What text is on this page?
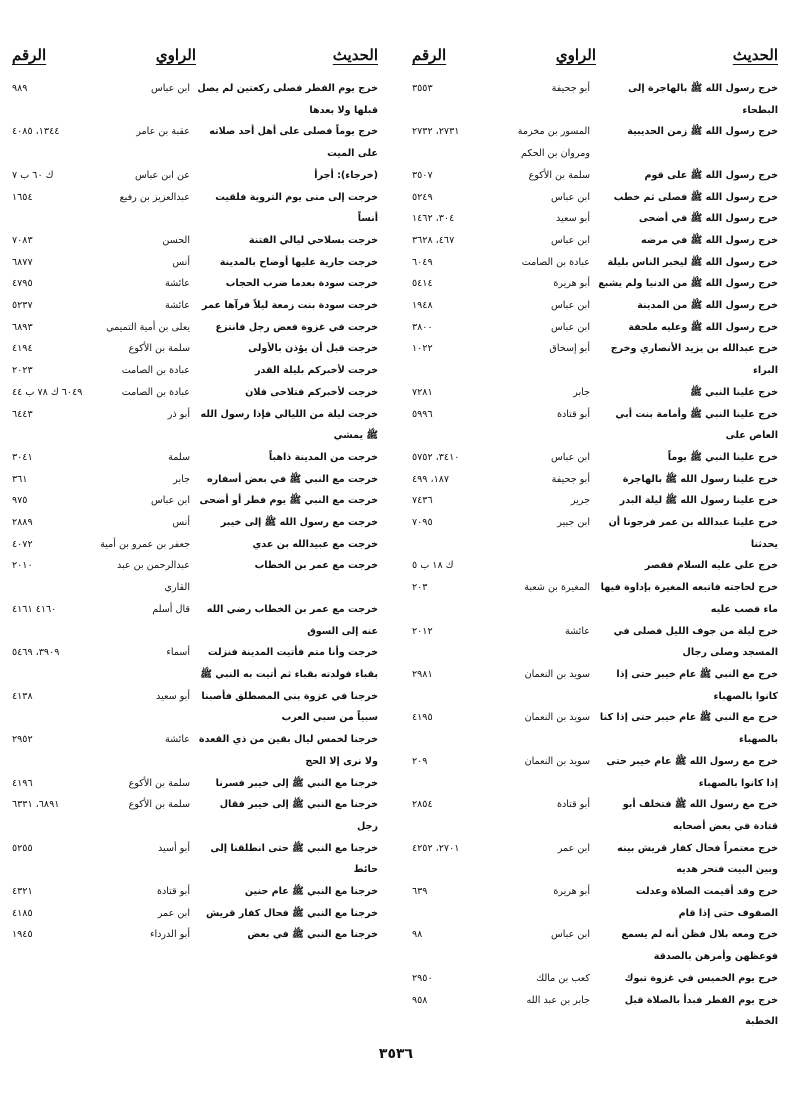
الحديث
الراوي
الرقم
خرج رسول الله ﷺ بالهاجرة إلى البطحاء
أبو جحيفة
٣٥٥٣
خرج رسول الله ﷺ زمن الحديبية
المسور بن مخرمة ومروان بن الحكم
٢٧٣١، ٢٧٣٢
خرج رسول الله ﷺ على قوم
سلمة بن الأكوع
٣٥٠٧
خرج رسول الله ﷺ فصلى ثم خطب
ابن عباس
٥٢٤٩
خرج رسول الله ﷺ في أضحى
أبو سعيد
٣٠٤، ١٤٦٢
خرج رسول الله ﷺ في مرضه
ابن عباس
٤٦٧، ٣٦٢٨
خرج رسول الله ﷺ ليخبر الناس بليلة
عبادة بن الصامت
٦٠٤٩
خرج رسول الله ﷺ من الدنيا ولم يشبع
أبو هريرة
٥٤١٤
خرج رسول الله ﷺ من المدينة
ابن عباس
١٩٤٨
خرج رسول الله ﷺ وعليه ملحفة
ابن عباس
٣٨٠٠
خرج عبدالله بن يزيد الأنصاري وخرج البراء
أبو إسحاق
١٠٢٢
خرج علينا النبي ﷺ
جابر
٧٢٨١
خرج علينا النبي ﷺ وأمامة بنت أبي العاص على
أبو قتادة
٥٩٩٦
خرج علينا النبي ﷺ يوماً
ابن عباس
٣٤١٠، ٥٧٥٢
خرج علينا رسول الله ﷺ بالهاجرة
أبو جحيفة
١٨٧، ٤٩٩
خرج علينا رسول الله ﷺ ليلة البدر
جرير
٧٤٣٦
خرج علينا عبدالله بن عمر فرجونا أن يحدثنا
ابن جبير
٧٠٩٥
خرج علي عليه السلام فقصر
ك ١٨ ب ٥
خرج لحاجته فاتبعه المغيرة بإداوة فيها ماء فصب عليه
المغيرة بن شعبة
٢٠٣
خرج ليلة من جوف الليل فصلى في المسجد وصلى رجال
عائشة
٢٠١٢
خرج مع النبي ﷺ عام خيبر حتى إذا كانوا بالصهباء
سويد بن النعمان
٢٩٨١
خرج مع النبي ﷺ عام خيبر حتى إذا كنا بالصهباء
سويد بن النعمان
٤١٩٥
خرج مع رسول الله ﷺ عام خيبر حتى إذا كانوا بالصهباء
سويد بن النعمان
٢٠٩
خرج مع رسول الله ﷺ فتخلف أبو قتادة في بعض أصحابه
أبو قتادة
٢٨٥٤
خرج معتمراً فحال كفار قريش بينه وبين البيت فنحر هديه
ابن عمر
٢٧٠١، ٤٢٥٢
خرج وقد أقيمت الصلاة وعدلت الصفوف حتى إذا قام
أبو هريرة
٦٣٩
خرج ومعه بلال فظن أنه لم يسمع فوعظهن وأمرهن بالصدقة
ابن عباس
٩٨
خرج يوم الخميس في غزوة تبوك
كعب بن مالك
٢٩٥٠
خرج يوم الفطر فبدأ بالصلاة قبل الخطبة
جابر بن عبد الله
٩٥٨
الحديث
الراوي
الرقم
خرج يوم الفطر فصلى ركعتين لم يصل قبلها ولا بعدها
ابن عباس
٩٨٩
خرج يوماً فصلى على أهل أحد صلاته على الميت
عقبة بن عامر
١٣٤٤، ٤٠٨٥
(خرجاء): أجرأ
عن ابن عباس
ك ٦٠ ب ٧
خرجت إلى منى يوم التروية فلقيت أنساً
عبدالعزيز بن رفيع
١٦٥٤
خرجت بسلاحي ليالي الفتنة
الحسن
٧٠٨٣
خرجت جارية عليها أوضاح بالمدينة
أنس
٦٨٧٧
خرجت سودة بعدما ضرب الحجاب
عائشة
٤٧٩٥
خرجت سودة بنت زمعة ليلاً فرآها عمر
عائشة
٥٢٣٧
خرجت في غزوة فعض رجل فانتزع
يعلى بن أمية التميمي
٦٨٩٣
خرجت قبل أن يؤذن بالأولى
سلمة بن الأكوع
٤١٩٤
خرجت لأخبركم بليلة القدر
عبادة بن الصامت
٢٠٢٣
خرجت لأخبركم فتلاحى فلان
عبادة بن الصامت
٦٠٤٩ ك ٧٨ ب ٤٤
خرجت ليلة من الليالي فإذا رسول الله ﷺ يمشي
أبو ذر
٦٤٤٣
خرجت من المدينة ذاهباً
سلمة
٣٠٤١
خرجت مع النبي ﷺ في بعض أسفاره
جابر
٣٦١
خرجت مع النبي ﷺ يوم فطر أو أضحى
ابن عباس
٩٧٥
خرجت مع رسول الله ﷺ إلى خيبر
أنس
٢٨٨٩
خرجت مع عبيدالله بن عدي
جعفر بن عمرو بن أمية
٤٠٧٢
خرجت مع عمر بن الخطاب
عبدالرحمن بن عبد القاري
٢٠١٠
خرجت مع عمر بن الخطاب رضي الله عنه إلى السوق
قال أسلم
٤١٦٠ ٤١٦١
خرجت وأنا متم فأتيت المدينة فنزلت بقباء فولدته بقباء ثم أتيت به النبي ﷺ
أسماء
٣٩٠٩، ٥٤٦٩
خرجنا في غزوة بني المصطلق فأصبنا سبياً من سبي العرب
أبو سعيد
٤١٣٨
خرجنا لخمس ليال بقين من ذي القعدة ولا نرى إلا الحج
عائشة
٢٩٥٢
خرجنا مع النبي ﷺ إلى خيبر فسرنا
سلمة بن الأكوع
٤١٩٦
خرجنا مع النبي ﷺ إلى خيبر فقال رجل
سلمة بن الأكوع
٦٨٩١، ٦٣٣١
خرجنا مع النبي ﷺ حتى انطلقنا إلى حائط
أبو أسيد
٥٢٥٥
خرجنا مع النبي ﷺ عام حنين
أبو قتادة
٤٣٢١
خرجنا مع النبي ﷺ فحال كفار قريش
ابن عمر
٤١٨٥
خرجنا مع النبي ﷺ في بعض
أبو الدرداء
١٩٤٥
٣٥٣٦
